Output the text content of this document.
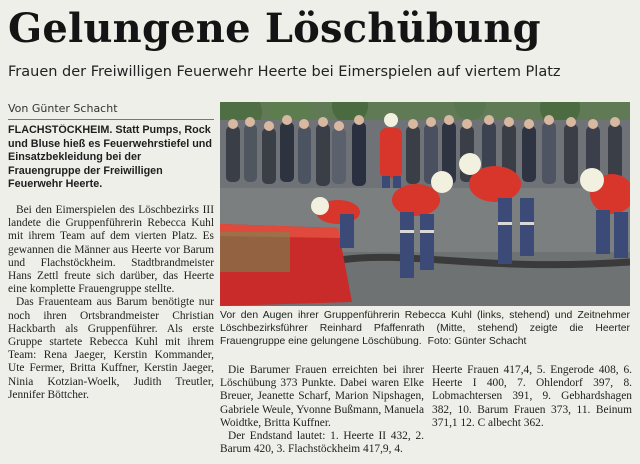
Gelungene Löschübung
Frauen der Freiwilligen Feuerwehr Heerte bei Eimerspielen auf viertem Platz
Von Günter Schacht

FLACHSTÖCKHEIM. Statt Pumps, Rock und Bluse hieß es Feuerwehrstiefel und Einsatzbekleidung bei der Frauengruppe der Freiwilligen Feuerwehr Heerte.

Bei den Eimerspielen des Löschbezirks III landete die Gruppenführerin Rebecca Kuhl mit ihrem Team auf dem vierten Platz. Es gewannen die Männer aus Heerte vor Barum und Flachstöckheim. Stadtbrandmeister Hans Zettl freute sich darüber, das Heerte eine komplette Frauengruppe stellte.

Das Frauenteam aus Barum benötigte nur noch ihren Ortsbrandmeister Christian Hackbarth als Gruppenführer. Als erste Gruppe startete Rebecca Kuhl mit ihrem Team: Rena Jaeger, Kerstin Kommander, Ute Fermer, Britta Kuffner, Kerstin Jaeger, Ninia Kotzian-Woelk, Judith Treutler, Jennifer Böttcher.

Vor den Augen ihrer Gruppenführerin Rebecca Kuhl (links, stehend) und Zeitnehmer Löschbezirksführer Reinhard Pfaffenrath (Mitte, stehend) zeigte die Heerter Frauengruppe eine gelungene Löschübung. Foto: Günter Schacht

Die Barumer Frauen erreichten bei ihrer Löschübung 373 Punkte. Dabei waren Elke Breuer, Jeanette Scharf, Marion Nipshagen, Gabriele Weule, Yvonne Bußmann, Manuela Woidtke, Britta Kuffner.

Der Endstand lautet: 1. Heerte II 432, 2. Barum 420, 3. Flachstöckheim 417,9, 4.

Heerte Frauen 417,4, 5. Engerode 408, 6. Heerte I 400, 7. Ohlendorf 397, 8. Lobmachtersen 391, 9. Gebhardshagen 382, 10. Barum Frauen 373, 11. Beinum 371,1 12. C albecht 362.
